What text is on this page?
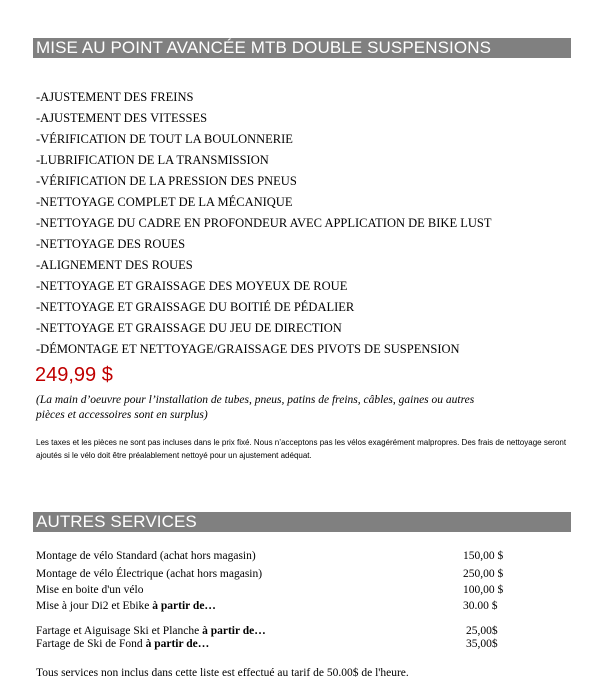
MISE AU POINT AVANCÉE MTB DOUBLE SUSPENSIONS
-AJUSTEMENT DES FREINS
-AJUSTEMENT DES VITESSES
-VÉRIFICATION DE TOUT LA BOULONNERIE
-LUBRIFICATION DE LA TRANSMISSION
-VÉRIFICATION DE LA PRESSION DES PNEUS
-NETTOYAGE COMPLET DE LA MÉCANIQUE
-NETTOYAGE DU CADRE EN PROFONDEUR AVEC APPLICATION DE BIKE LUST
-NETTOYAGE DES ROUES
-ALIGNEMENT DES ROUES
-NETTOYAGE ET GRAISSAGE DES MOYEUX DE ROUE
-NETTOYAGE ET GRAISSAGE DU BOITIÉ DE PÉDALIER
-NETTOYAGE ET GRAISSAGE DU JEU DE DIRECTION
-DÉMONTAGE ET NETTOYAGE/GRAISSAGE DES PIVOTS DE SUSPENSION
249,99 $
(La main d’oeuvre pour l’installation de tubes, pneus, patins de freins, câbles, gaines ou autres pièces et accessoires sont en surplus)
Les taxes et les pièces ne sont pas incluses dans le prix fixé. Nous n’acceptons pas les vélos exagérément malpropres. Des frais de nettoyage seront ajoutés si le vélo doit être préalablement nettoyé pour un ajustement adéquat.
AUTRES SERVICES
Montage de vélo Standard (achat hors magasin)	150,00 $
Montage de vélo Électrique (achat hors magasin)	250,00 $
Mise en boite d'un vélo	100,00 $
Mise à jour Di2 et Ebike à partir de…	30.00 $
Fartage et Aiguisage Ski et Planche à partir de…	25,00$
Fartage de Ski de Fond à partir de…	35,00$
Tous services non inclus dans cette liste est effectué au tarif de 50.00$ de l'heure.
